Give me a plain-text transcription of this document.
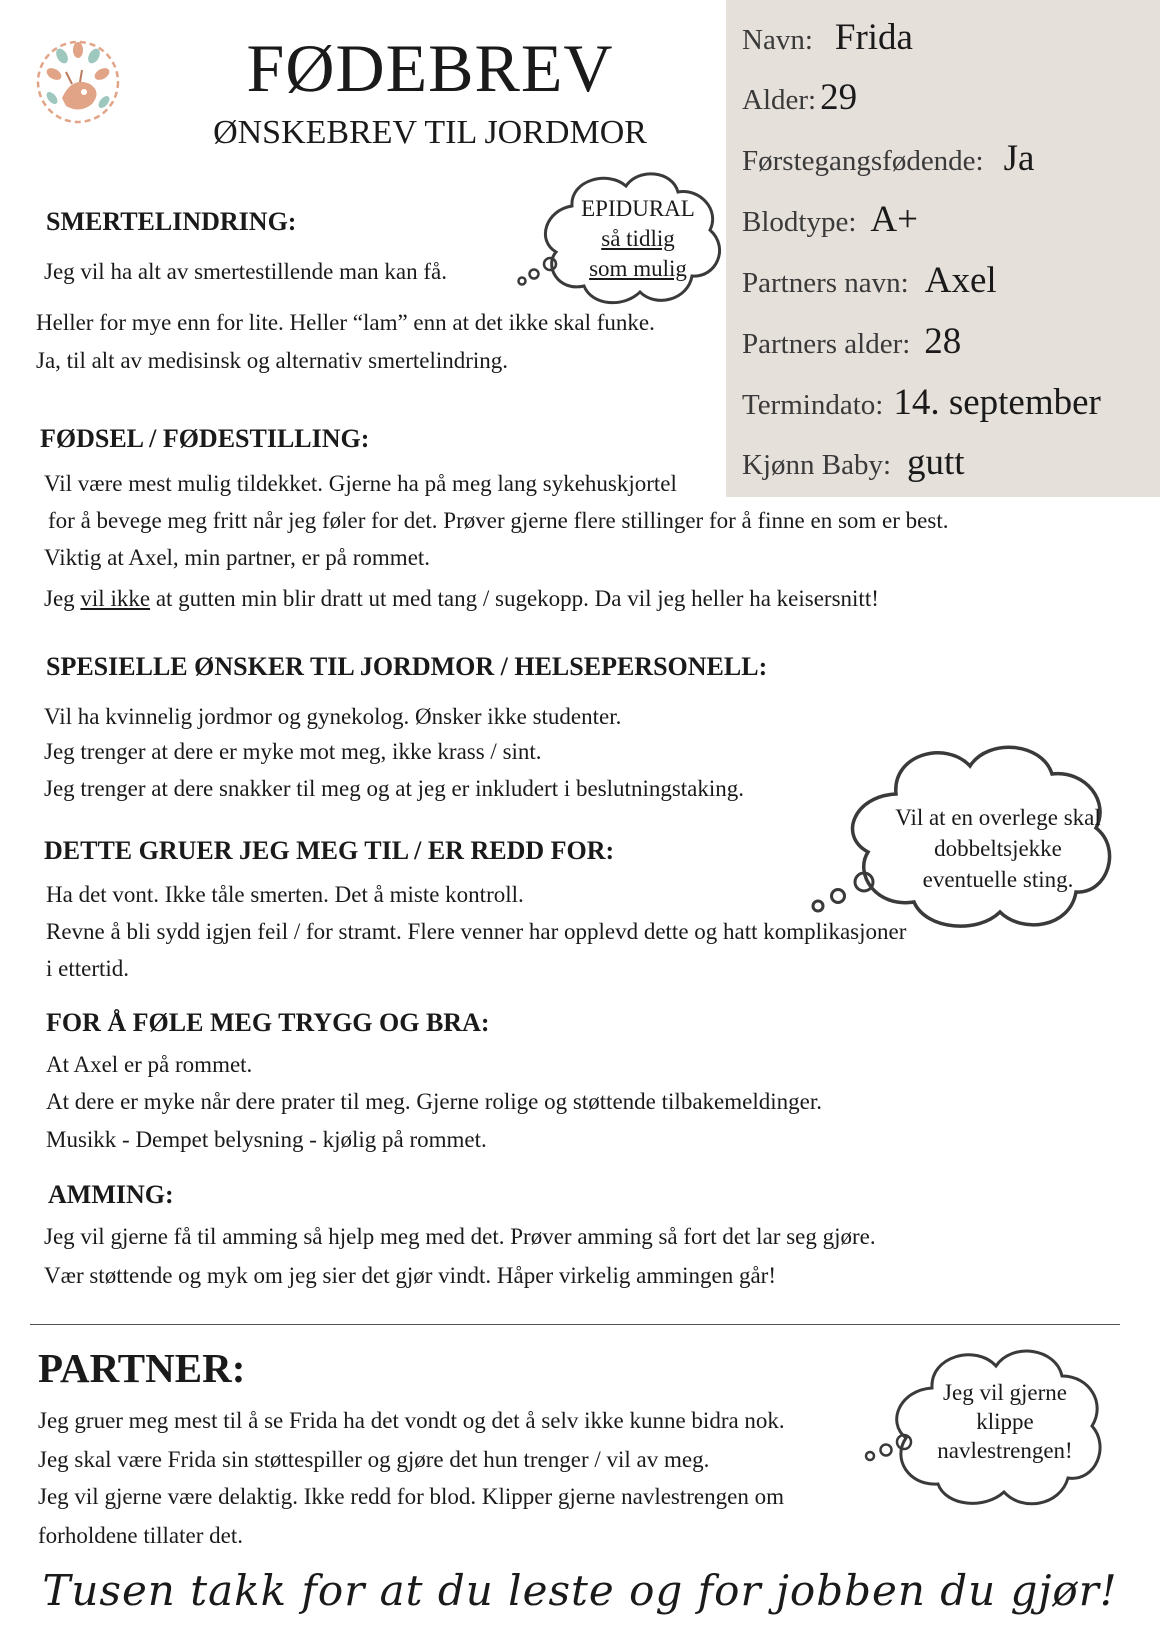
Navn: Frida
Alder: 29
Førstegangsfødende: Ja
Blodtype: A+
Partners navn: Axel
Partners alder: 28
Termindato: 14. september
Kjønn Baby: gutt
FØDEBREV
ØNSKEBREV TIL JORDMOR
SMERTELINDRING:
Jeg vil ha alt av smertestillende man kan få.
Heller for mye enn for lite. Heller “lam” enn at det ikke skal funke.
Ja, til alt av medisinsk og alternativ smertelindring.
EPIDURAL
så tidlig
som mulig
FØDSEL / FØDESTILLING:
Vil være mest mulig tildekket. Gjerne ha på meg lang sykehuskjortel
for å bevege meg fritt når jeg føler for det. Prøver gjerne flere stillinger for å finne en som er best.
Viktig at Axel, min partner, er på rommet.
Jeg vil ikke at gutten min blir dratt ut med tang / sugekopp. Da vil jeg heller ha keisersnitt!
SPESIELLE ØNSKER TIL JORDMOR / HELSEPERSONELL:
Vil ha kvinnelig jordmor og gynekolog. Ønsker ikke studenter.
Jeg trenger at dere er myke mot meg, ikke krass / sint.
Jeg trenger at dere snakker til meg og at jeg er inkludert i beslutningstaking.
Vil at en overlege skal
dobbeltsjekke
eventuelle sting.
DETTE GRUER JEG MEG TIL / ER REDD FOR:
Ha det vont. Ikke tåle smerten. Det å miste kontroll.
Revne å bli sydd igjen feil / for stramt. Flere venner har opplevd dette og hatt komplikasjoner
i ettertid.
FOR Å FØLE MEG TRYGG OG BRA:
At Axel er på rommet.
At dere er myke når dere prater til meg. Gjerne rolige og støttende tilbakemeldinger.
Musikk - Dempet belysning - kjølig på rommet.
AMMING:
Jeg vil gjerne få til amming så hjelp meg med det. Prøver amming så fort det lar seg gjøre.
Vær støttende og myk om jeg sier det gjør vindt. Håper virkelig ammingen går!
PARTNER:
Jeg gruer meg mest til å se Frida ha det vondt og det å selv ikke kunne bidra nok.
Jeg skal være Frida sin støttespiller og gjøre det hun trenger / vil av meg.
Jeg vil gjerne være delaktig. Ikke redd for blod. Klipper gjerne navlestrengen om
forholdene tillater det.
Jeg vil gjerne
klippe
navlestrengen!
Tusen takk for at du leste og for jobben du gjør!
